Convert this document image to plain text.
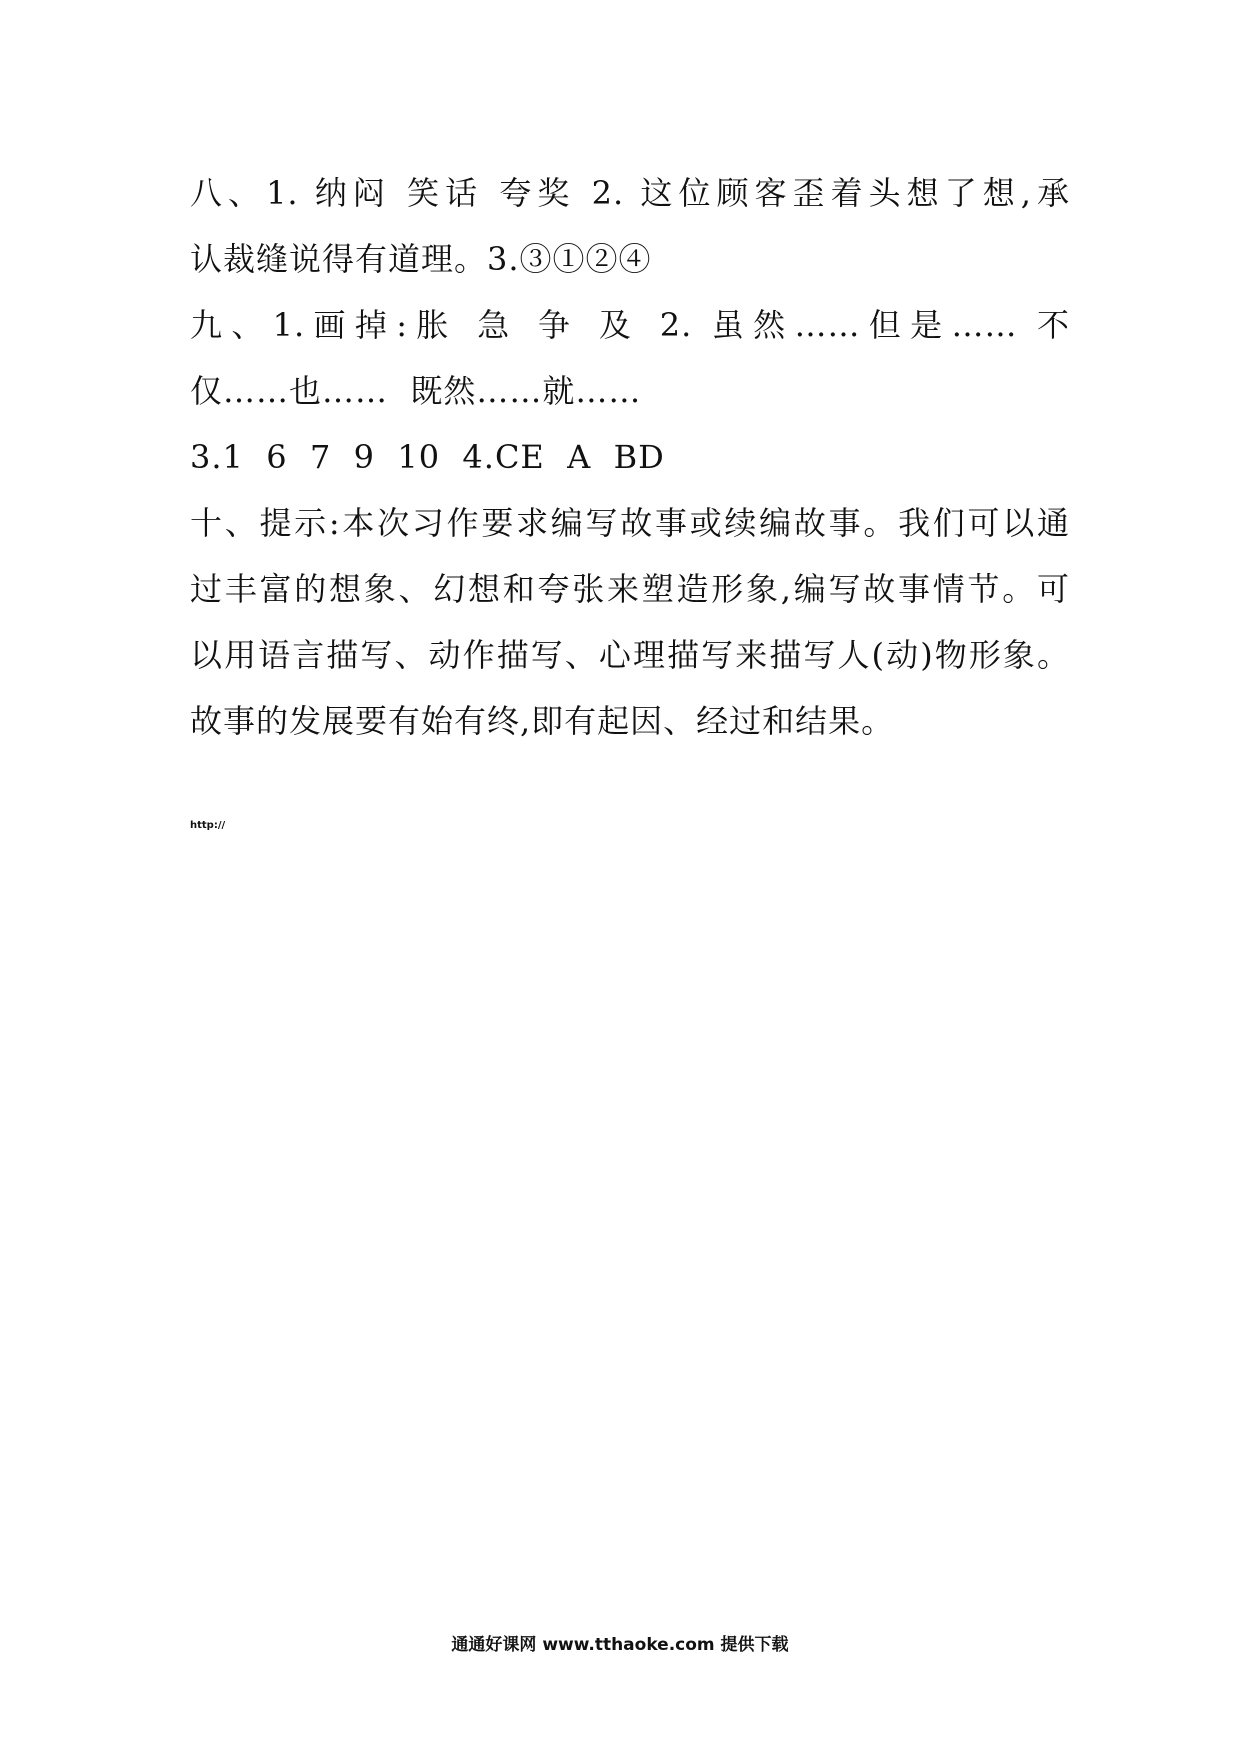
八、1. 纳闷 笑话 夸奖 2. 这位顾客歪着头想了想,承
认裁缝说得有道理。3.③①②④
九、1.画掉:胀 急 争 及 2. 虽然……但是…… 不
仅……也……  既然……就……
3.1  6  7  9  10  4.CE  A  BD
十、提示:本次习作要求编写故事或续编故事。我们可以通
过丰富的想象、幻想和夸张来塑造形象,编写故事情节。可
以用语言描写、动作描写、心理描写来描写人(动)物形象。
故事的发展要有始有终,即有起因、经过和结果。
http://
通通好课网 www.tthaoke.com 提供下载
